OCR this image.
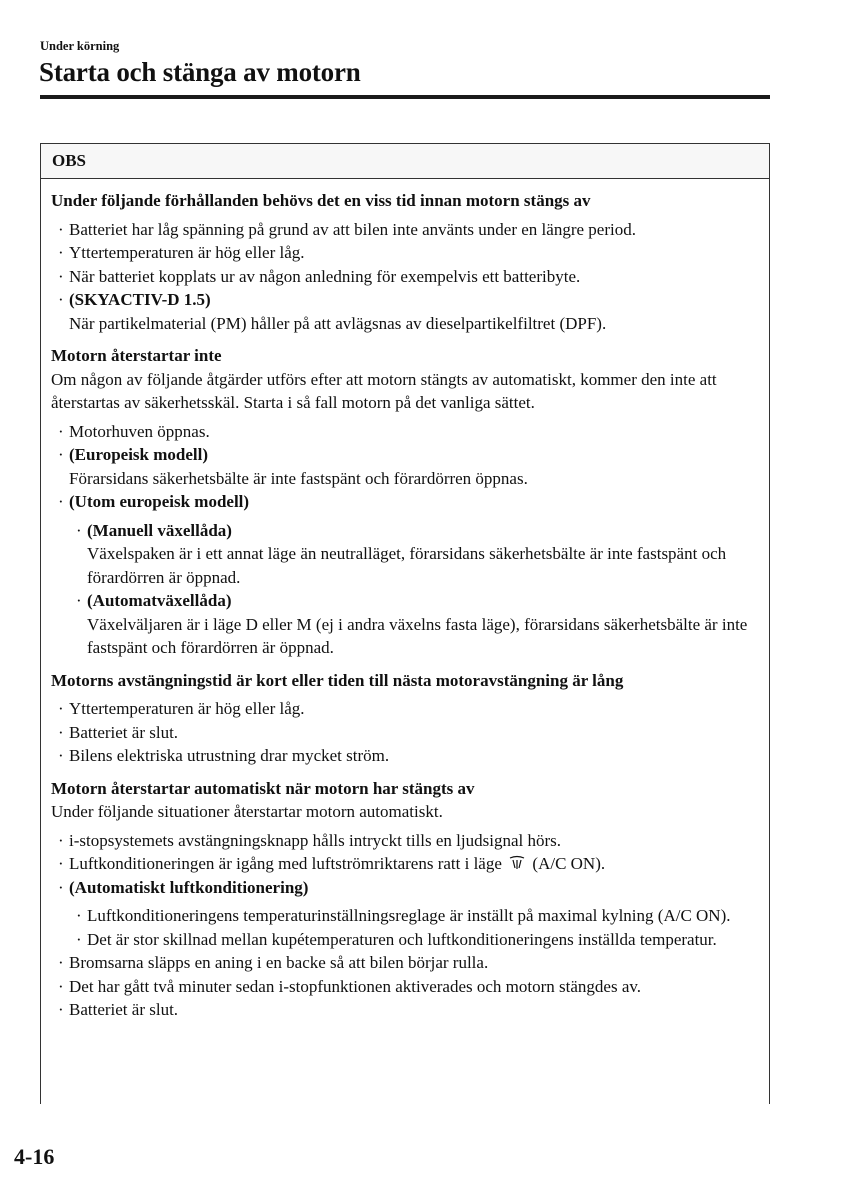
Under körning
Starta och stänga av motorn
OBS
Under följande förhållanden behövs det en viss tid innan motorn stängs av
· Batteriet har låg spänning på grund av att bilen inte använts under en längre period.
· Yttertemperaturen är hög eller låg.
· När batteriet kopplats ur av någon anledning för exempelvis ett batteribyte.
· (SKYACTIV-D 1.5)
När partikelmaterial (PM) håller på att avlägsnas av dieselpartikelfiltret (DPF).
Motorn återstartar inte

Om någon av följande åtgärder utförs efter att motorn stängts av automatiskt, kommer den inte att återstartas av säkerhetsskäl. Starta i så fall motorn på det vanliga sättet.

· Motorhuven öppnas.
· (Europeisk modell)
Förarsidans säkerhetsbälte är inte fastspänt och förardörren öppnas.
· (Utom europeisk modell)
· (Manuell växellåda)
Växelspaken är i ett annat läge än neutralläget, förarsidans säkerhetsbälte är inte fastspänt och förardörren är öppnad.
· (Automatväxellåda)
Växelväljaren är i läge D eller M (ej i andra växelns fasta läge), förarsidans säkerhetsbälte är inte fastspänt och förardörren är öppnad.
Motorns avstängningstid är kort eller tiden till nästa motoravstängning är lång
· Yttertemperaturen är hög eller låg.
· Batteriet är slut.
· Bilens elektriska utrustning drar mycket ström.
Motorn återstartar automatiskt när motorn har stängts av

Under följande situationer återstartar motorn automatiskt.

· i-stopsystemets avstängningsknapp hålls intryckt tills en ljudsignal hörs.
· Luftkonditioneringen är igång med luftströmriktarens ratt i läge (A/C ON).
· (Automatiskt luftkonditionering)
· Luftkonditioneringens temperaturinställningsreglage är inställt på maximal kylning (A/C ON).
· Det är stor skillnad mellan kupétemperaturen och luftkonditioneringens inställda temperatur.
· Bromsarna släpps en aning i en backe så att bilen börjar rulla.
· Det har gått två minuter sedan i-stopfunktionen aktiverades och motorn stängdes av.
· Batteriet är slut.
4-16
